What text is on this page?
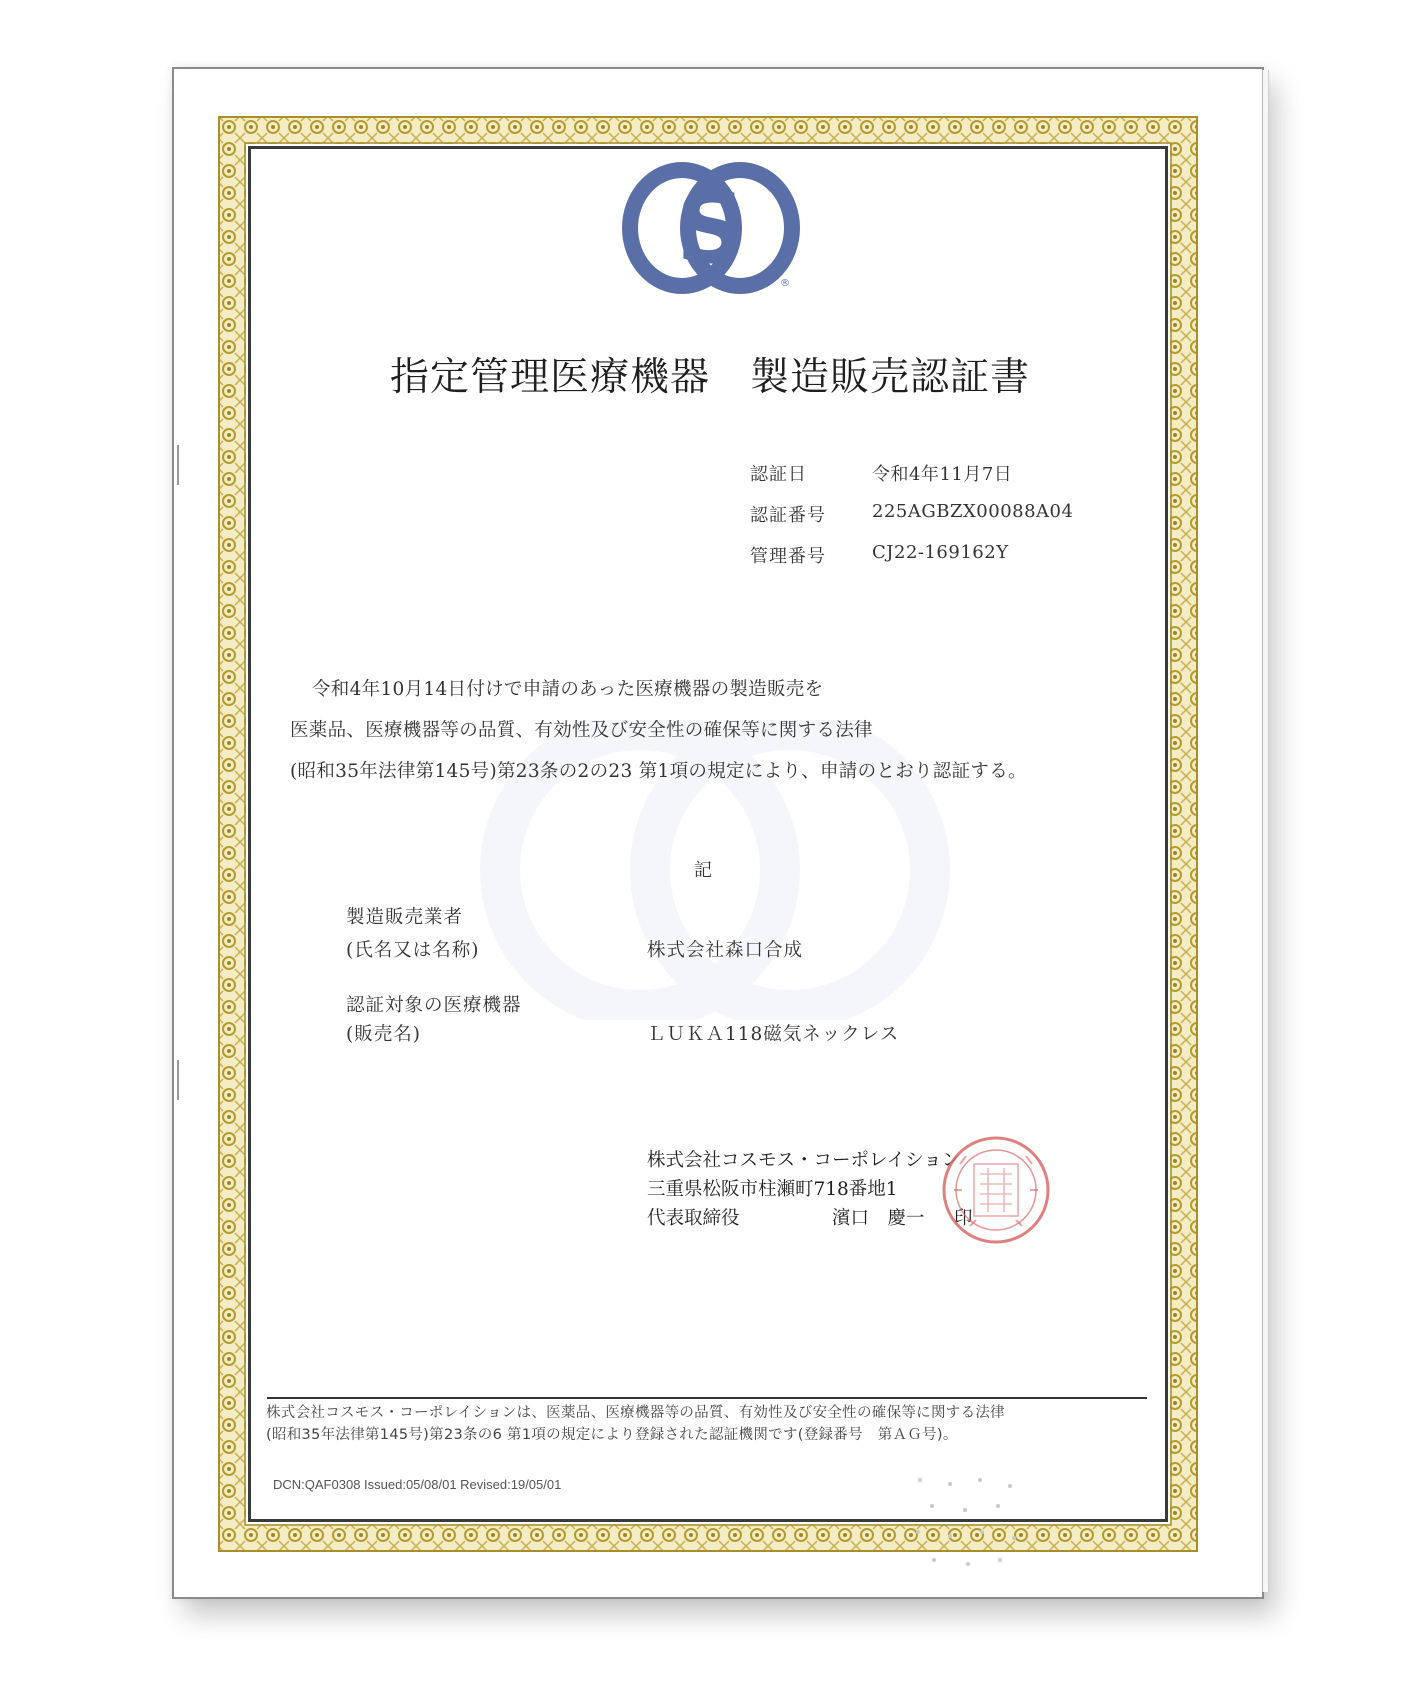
S	®
指定管理医療機器　製造販売認証書
認証日	令和4年11月7日
認証番号	225AGBZX00088A04
管理番号	CJ22-169162Y
令和4年10月14日付けで申請のあった医療機器の製造販売を
医薬品、医療機器等の品質、有効性及び安全性の確保等に関する法律
(昭和35年法律第145号)第23条の2の23 第1項の規定により、申請のとおり認証する。
記
製造販売業者
(氏名又は名称)	株式会社森口合成
認証対象の医療機器
(販売名)	ＬＵＫＡ118磁気ネックレス
株式会社コスモス・コーポレイション
三重県松阪市柱瀬町718番地1
代表取締役	濱口　慶一	印
株式会社コスモス・コーポレイションは、医薬品、医療機器等の品質、有効性及び安全性の確保等に関する法律
(昭和35年法律第145号)第23条の6 第1項の規定により登録された認証機関です(登録番号　第ＡＧ号)。
DCN:QAF0308 Issued:05/08/01 Revised:19/05/01
